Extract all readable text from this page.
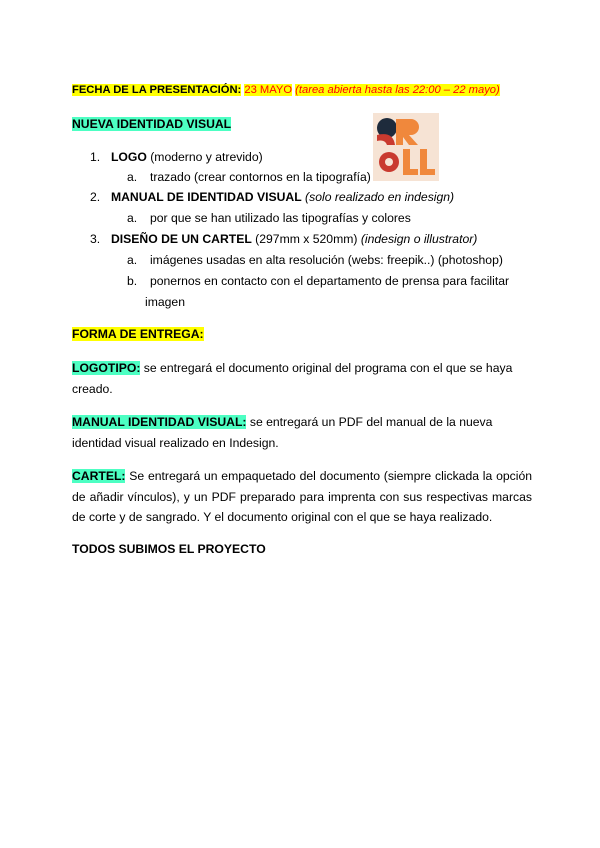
FECHA DE LA PRESENTACIÓN: 23 MAYO (tarea abierta hasta las 22:00 – 22 mayo)
NUEVA IDENTIDAD VISUAL
1. LOGO (moderno y atrevido)
a. trazado (crear contornos en la tipografía)
2. MANUAL DE IDENTIDAD VISUAL (solo realizado en indesign)
a. por que se han utilizado las tipografías y colores
3. DISEÑO DE UN CARTEL (297mm x 520mm) (indesign o illustrator)
a. imágenes usadas en alta resolución (webs: freepik..) (photoshop)
b. ponernos en contacto con el departamento de prensa para facilitar
imagen
FORMA DE ENTREGA:
LOGOTIPO: se entregará el documento original del programa con el que se haya creado.
MANUAL IDENTIDAD VISUAL: se entregará un PDF del manual de la nueva identidad visual realizado en Indesign.
CARTEL: Se entregará un empaquetado del documento (siempre clickada la opción de añadir vínculos), y un PDF preparado para imprenta con sus respectivas marcas de corte y de sangrado. Y el documento original con el que se haya realizado.
TODOS SUBIMOS EL PROYECTO
